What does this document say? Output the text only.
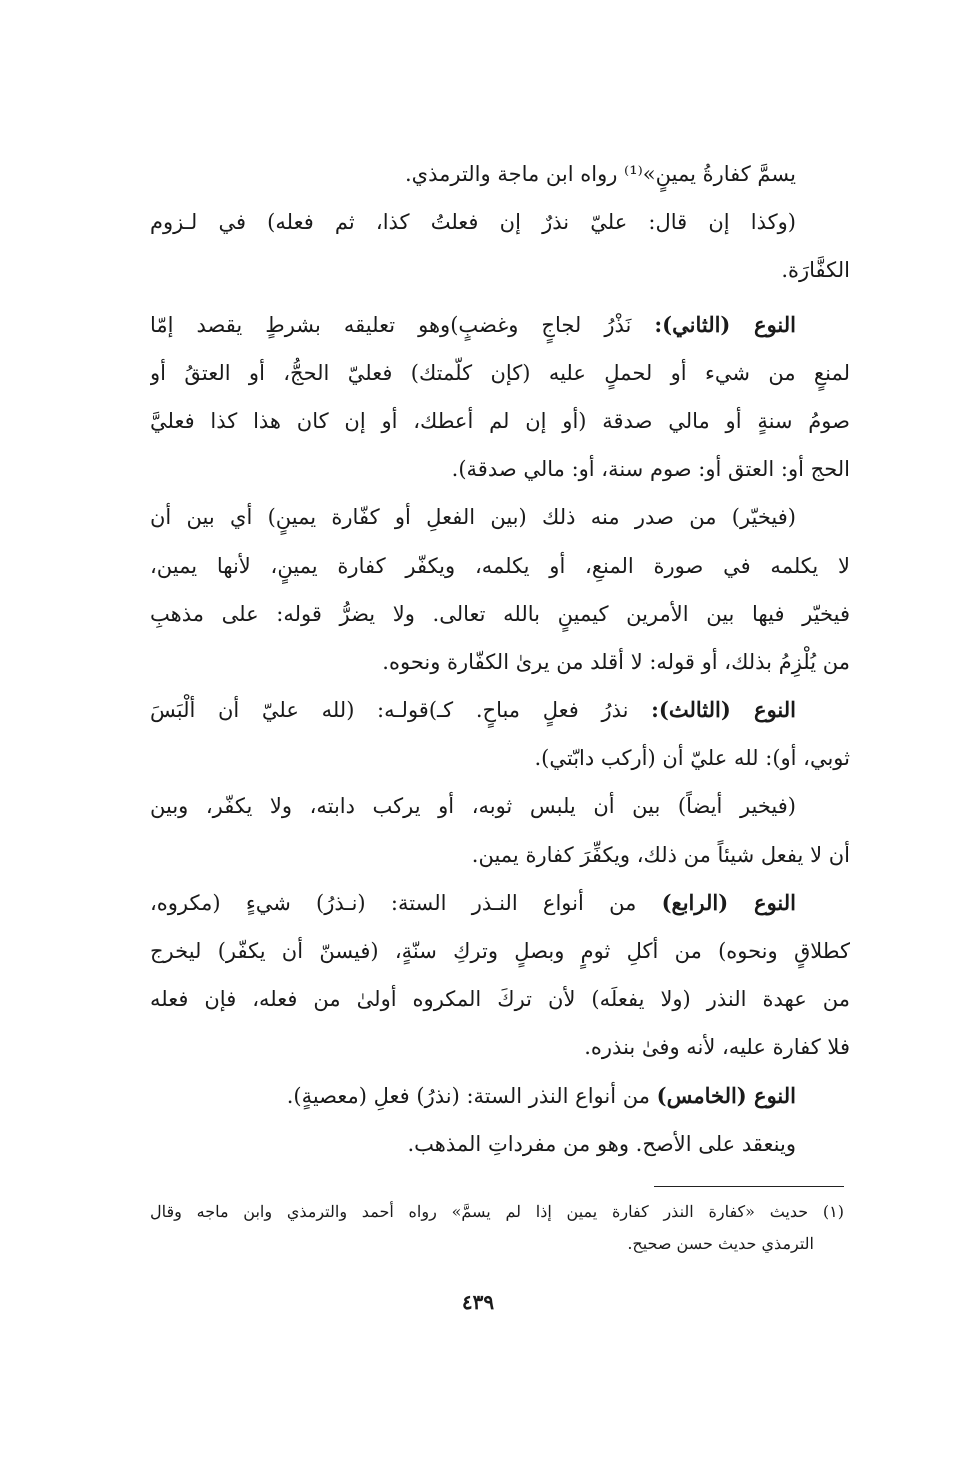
يسمَّ كفارةُ يمينٍ»⁽¹⁾ رواه ابن ماجة والترمذي.
(وكذا إن قال: عليّ نذرٌ إن فعلتُ كذا، ثم فعله) في لـزوم
الكفَّارَة.
النوع (الثاني): نَذْرُ لجاجٍ وغضبٍ)وهو تعليقه بشرطٍ يقصد إمّا
لمنعٍ من شيء أو لحملٍ عليه (كإن كلّمتك) فعليّ الحجُّ، أو العتقُ أو
صومُ سنةٍ أو مالي صدقة (أو إن لم أعطك، أو إن كان هذا كذا فعليَّ
الحج أو: العتق أو: صوم سنة، أو: مالي صدقة).
(فيخيّر) من صدر منه ذلك (بين الفعلِ أو كفّارة يمينٍ) أي بين أن
لا يكلمه في صورة المنعِ، أو يكلمه، ويكفّر كفارة يمينٍ، لأنها يمين،
فيخيّر فيها بين الأمرين كيمينٍ بالله تعالى. ولا يضرُّ قوله: على مذهبِ
من يُلْزِمُ بذلك، أو قوله: لا أقلد من يرىٰ الكفّارة ونحوه.
النوع (الثالث): نذرُ فعلٍ مباحٍ. كـ)قولـه: (لله عليّ أن ألْبَسَ
ثوبي، أو): لله عليّ أن (أركب دابّتي).
(فيخير أيضاً) بين أن يلبس ثوبه، أو يركب دابته، ولا يكفّر، وبين
أن لا يفعل شيئاً من ذلك، ويكفِّرَ كفارة يمين.
النوع (الرابع) من أنواع النـذر الستة: (نـذرُ) شيءٍ (مكروه،
كطلاقٍ ونحوه) من أكلِ ثومٍ وبصلٍ وتركِ سنّةٍ، (فيسنّ أن يكفّر) ليخرج
من عهدة النذر (ولا يفعلَه) لأن تركَ المكروه أولىٰ من فعله، فإن فعله
فلا كفارة عليه، لأنه وفىٰ بنذره.
النوع (الخامس) من أنواع النذر الستة: (نذرُ) فعلِ (معصيةٍ).
وينعقد على الأصح. وهو من مفرداتِ المذهب.
(١) حديث «كفارة النذر كفارة يمين إذا لم يسمَّ» رواه أحمد والترمذي وابن ماجه وقال
الترمذي حديث حسن صحيح.
٤٣٩
